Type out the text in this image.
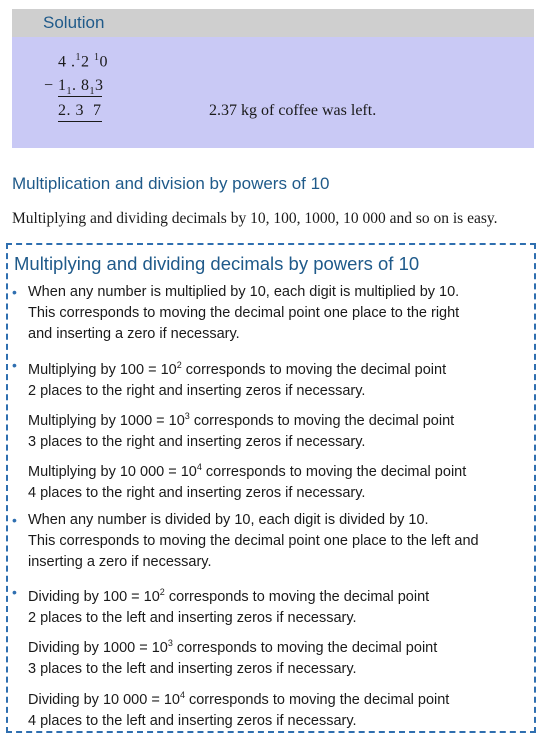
Solution
4 .$^1$2 $^1$0
− $1_1$. $8_13$
2. 3  7	2.37 kg of coffee was left.
Multiplication and division by powers of 10
Multiplying and dividing decimals by 10, 100, 1000, 10 000 and so on is easy.
Multiplying and dividing decimals by powers of 10
• When any number is multiplied by 10, each digit is multiplied by 10.
This corresponds to moving the decimal point one place to the right
and inserting a zero if necessary.
• Multiplying by $100 = 10^2$ corresponds to moving the decimal point
2 places to the right and inserting zeros if necessary.
Multiplying by $1000 = 10^3$ corresponds to moving the decimal point
3 places to the right and inserting zeros if necessary.
Multiplying by 10 $000 = 10^4$ corresponds to moving the decimal point
4 places to the right and inserting zeros if necessary.
• When any number is divided by 10, each digit is divided by 10.
This corresponds to moving the decimal point one place to the left and
inserting a zero if necessary.
• Dividing by $100 = 10^2$ corresponds to moving the decimal point
2 places to the left and inserting zeros if necessary.
Dividing by $1000 = 10^3$ corresponds to moving the decimal point
3 places to the left and inserting zeros if necessary.
Dividing by 10 $000 = 10^4$ corresponds to moving the decimal point
4 places to the left and inserting zeros if necessary.
